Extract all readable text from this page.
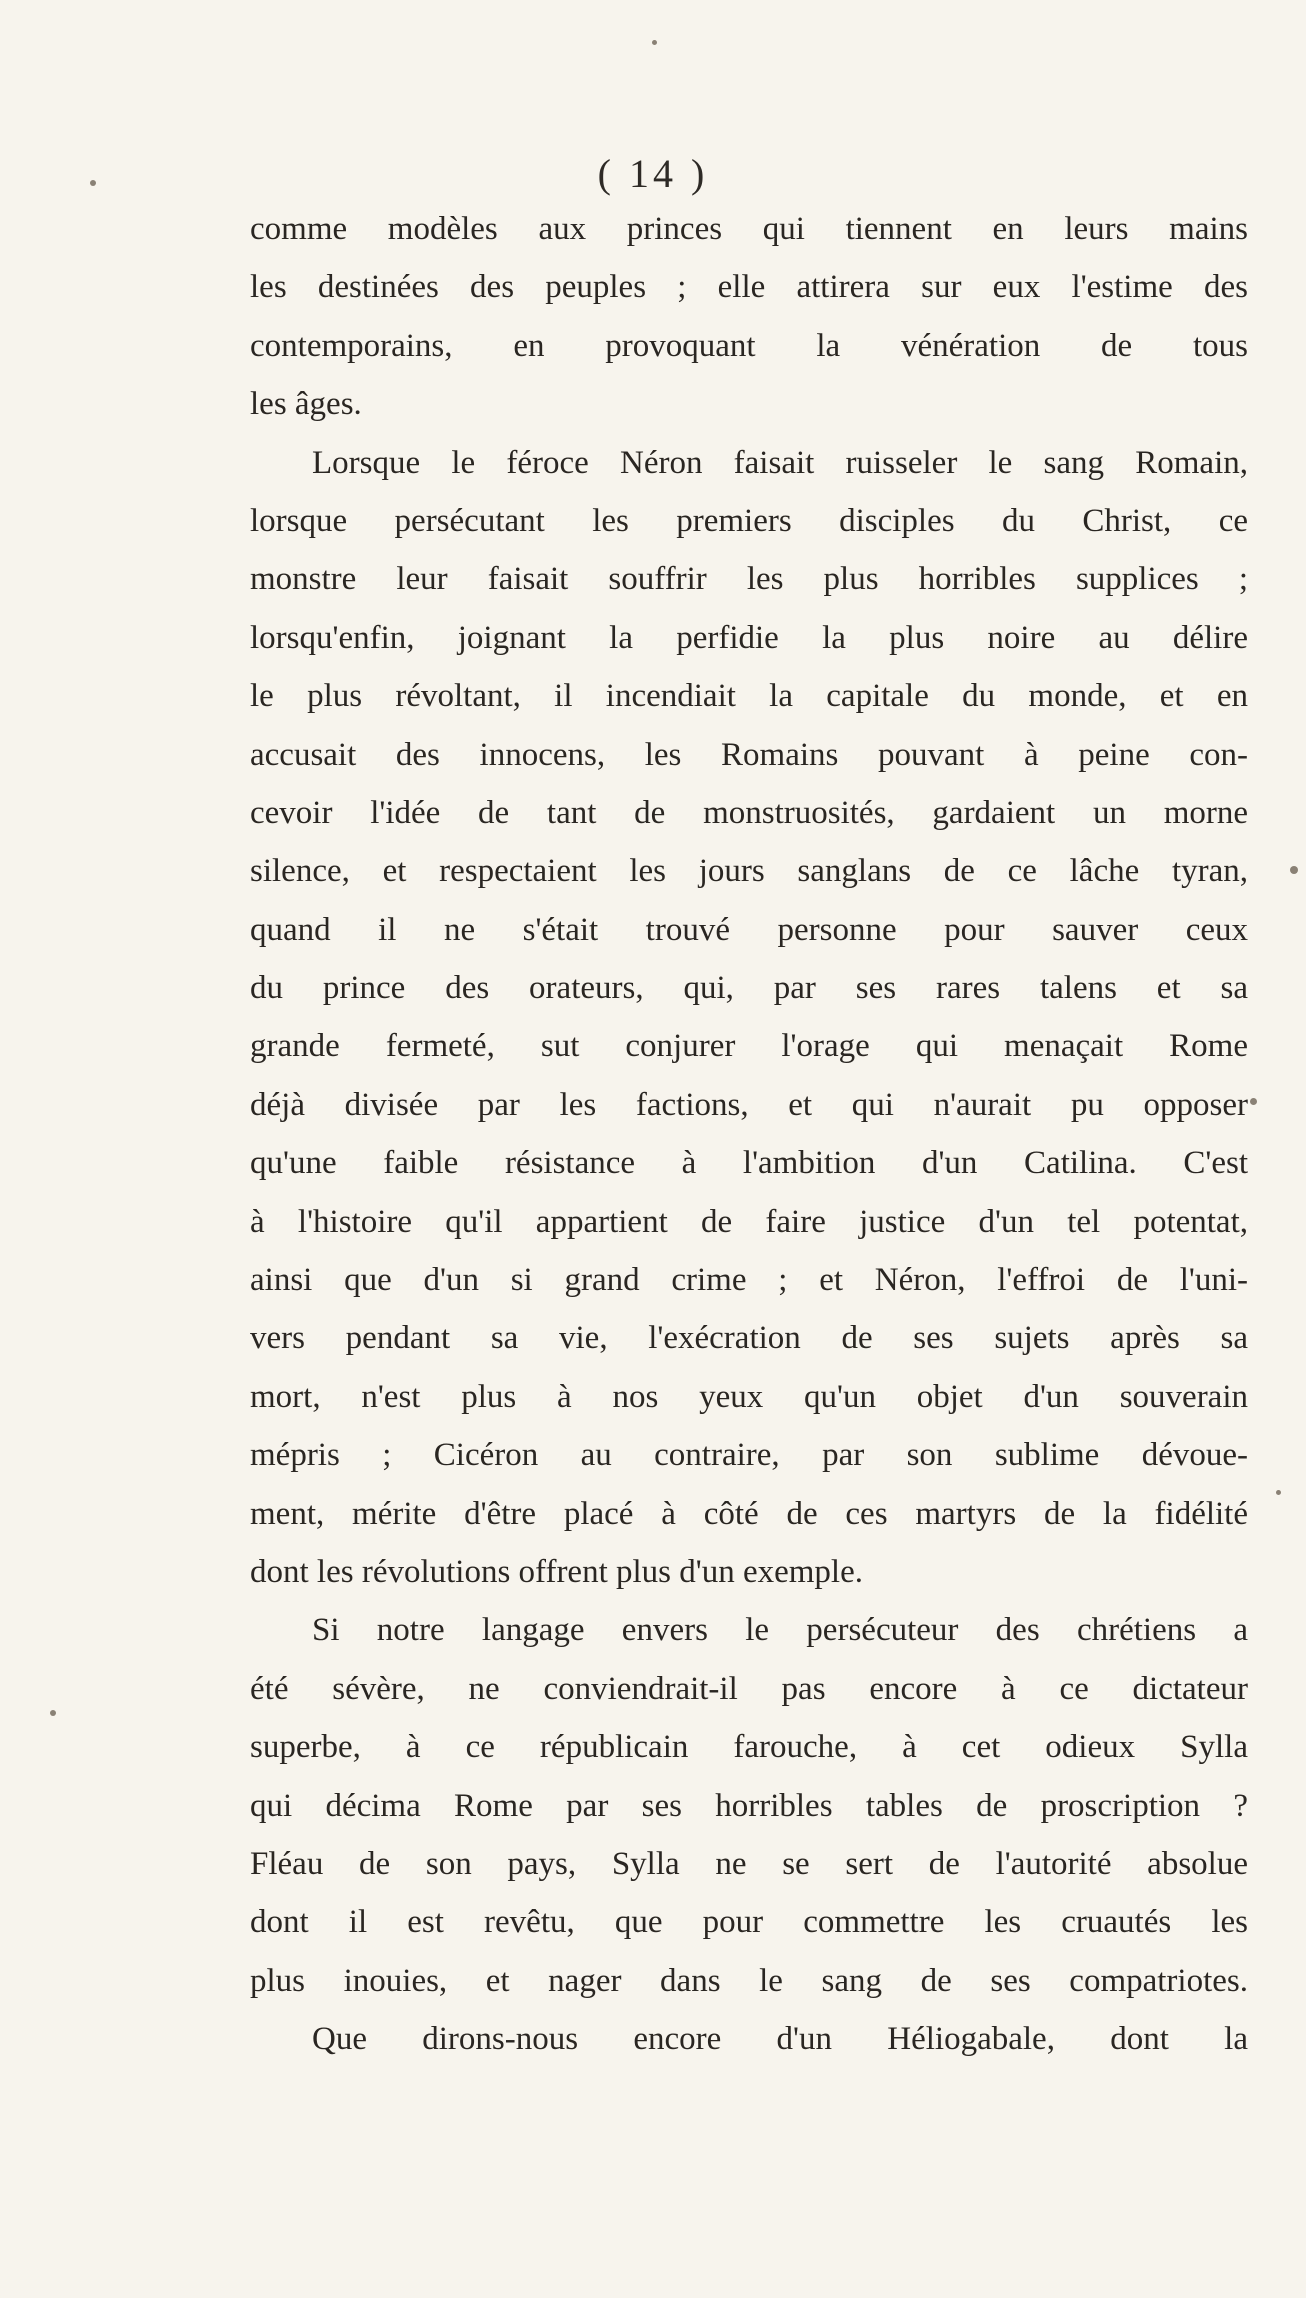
( 14 )
comme modèles aux princes qui tiennent en leurs mains
les destinées des peuples ; elle attirera sur eux l'estime des
contemporains, en provoquant la vénération de tous
les âges.
Lorsque le féroce Néron faisait ruisseler le sang Romain,
lorsque persécutant les premiers disciples du Christ, ce
monstre leur faisait souffrir les plus horribles supplices ;
lorsqu'enfin, joignant la perfidie la plus noire au délire
le plus révoltant, il incendiait la capitale du monde, et en
accusait des innocens, les Romains pouvant à peine con-
cevoir l'idée de tant de monstruosités, gardaient un morne
silence, et respectaient les jours sanglans de ce lâche tyran,
quand il ne s'était trouvé personne pour sauver ceux
du prince des orateurs, qui, par ses rares talens et sa
grande fermeté, sut conjurer l'orage qui menaçait Rome
déjà divisée par les factions, et qui n'aurait pu opposer
qu'une faible résistance à l'ambition d'un Catilina. C'est
à l'histoire qu'il appartient de faire justice d'un tel potentat,
ainsi que d'un si grand crime ; et Néron, l'effroi de l'uni-
vers pendant sa vie, l'exécration de ses sujets après sa
mort, n'est plus à nos yeux qu'un objet d'un souverain
mépris ; Cicéron au contraire, par son sublime dévoue-
ment, mérite d'être placé à côté de ces martyrs de la fidélité
dont les révolutions offrent plus d'un exemple.
Si notre langage envers le persécuteur des chrétiens a
été sévère, ne conviendrait-il pas encore à ce dictateur
superbe, à ce républicain farouche, à cet odieux Sylla
qui décima Rome par ses horribles tables de proscription ?
Fléau de son pays, Sylla ne se sert de l'autorité absolue
dont il est revêtu, que pour commettre les cruautés les
plus inouies, et nager dans le sang de ses compatriotes.
Que dirons-nous encore d'un Héliogabale, dont la
